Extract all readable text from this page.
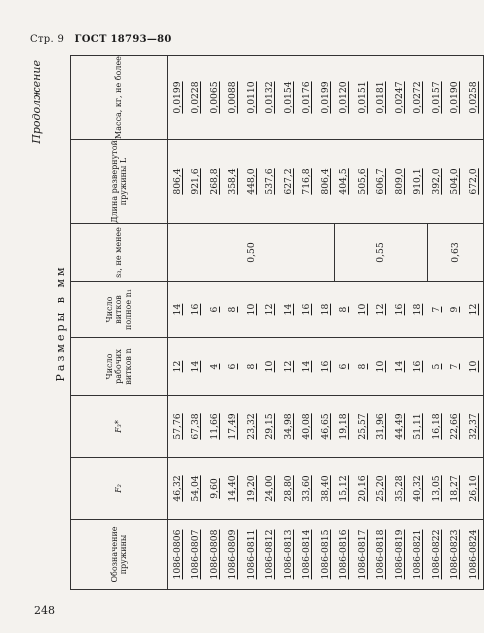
Стр. 9 ГОСТ 18793—80
Продолжение
Размеры в мм
Обозначение пружины	F₂	F₃*	Число рабочих витков n	Число витков полное n₁	s₃, не менее	Длина развернутой пружины L	Масса, кг, не более
1086-0806	46,32	57,76	12	14	0,50	806,4	0,0199
1086-0807	54,04	67,38	14	16		921,6	0,0228
1086-0808	9,60	11,66	4	6		268,8	0,0065
1086-0809	14,40	17,49	6	8		358,4	0,0088
1086-0811	19,20	23,32	8	10		448,0	0,0110
1086-0812	24,00	29,15	10	12		537,6	0,0132
1086-0813	28,80	34,98	12	14		627,2	0,0154
1086-0814	33,60	40,08	14	16		716,8	0,0176
1086-0815	38,40	46,65	16	18		806,4	0,0199
1086-0816	15,12	19,18	6	8	0,55	404,5	0,0120
1086-0817	20,16	25,57	8	10		505,6	0,0151
1086-0818	25,20	31,96	10	12		606,7	0,0181
1086-0819	35,28	44,49	14	16		809,0	0,0247
1086-0821	40,32	51,11	16	18		910,1	0,0272
1086-0822	13,05	16,18	5	7	0,63	392,0	0,0157
1086-0823	18,27	22,66	7	9		504,0	0,0190
1086-0824	26,10	32,37	10	12		672,0	0,0258
248
